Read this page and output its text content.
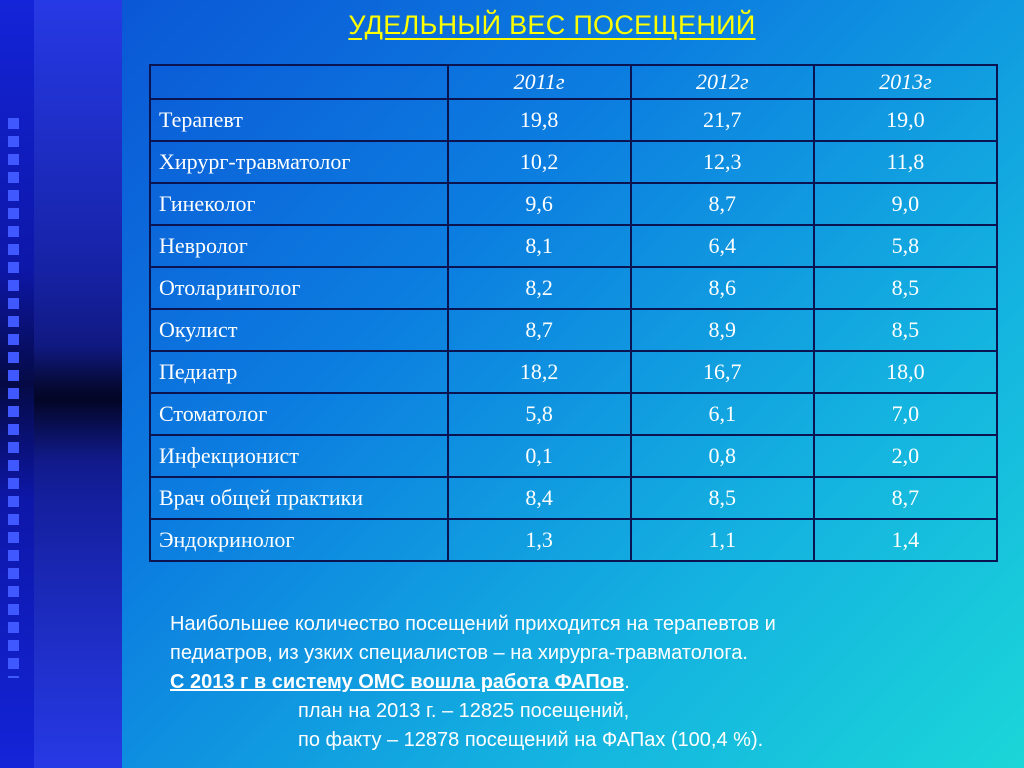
УДЕЛЬНЫЙ ВЕС ПОСЕЩЕНИЙ
	2011г	2012г	2013г
Терапевт	19,8	21,7	19,0
Хирург-травматолог	10,2	12,3	11,8
Гинеколог	9,6	8,7	9,0
Невролог	8,1	6,4	5,8
Отоларинголог	8,2	8,6	8,5
Окулист	8,7	8,9	8,5
Педиатр	18,2	16,7	18,0
Стоматолог	5,8	6,1	7,0
Инфекционист	0,1	0,8	2,0
Врач общей практики	8,4	8,5	8,7
Эндокринолог	1,3	1,1	1,4
Наибольшее количество посещений приходится на терапевтов и
педиатров, из узких специалистов – на хирурга-травматолога.
С 2013 г в систему ОМС вошла работа ФАПов.
план на 2013 г. – 12825 посещений,
по факту – 12878 посещений на ФАПах (100,4 %).
